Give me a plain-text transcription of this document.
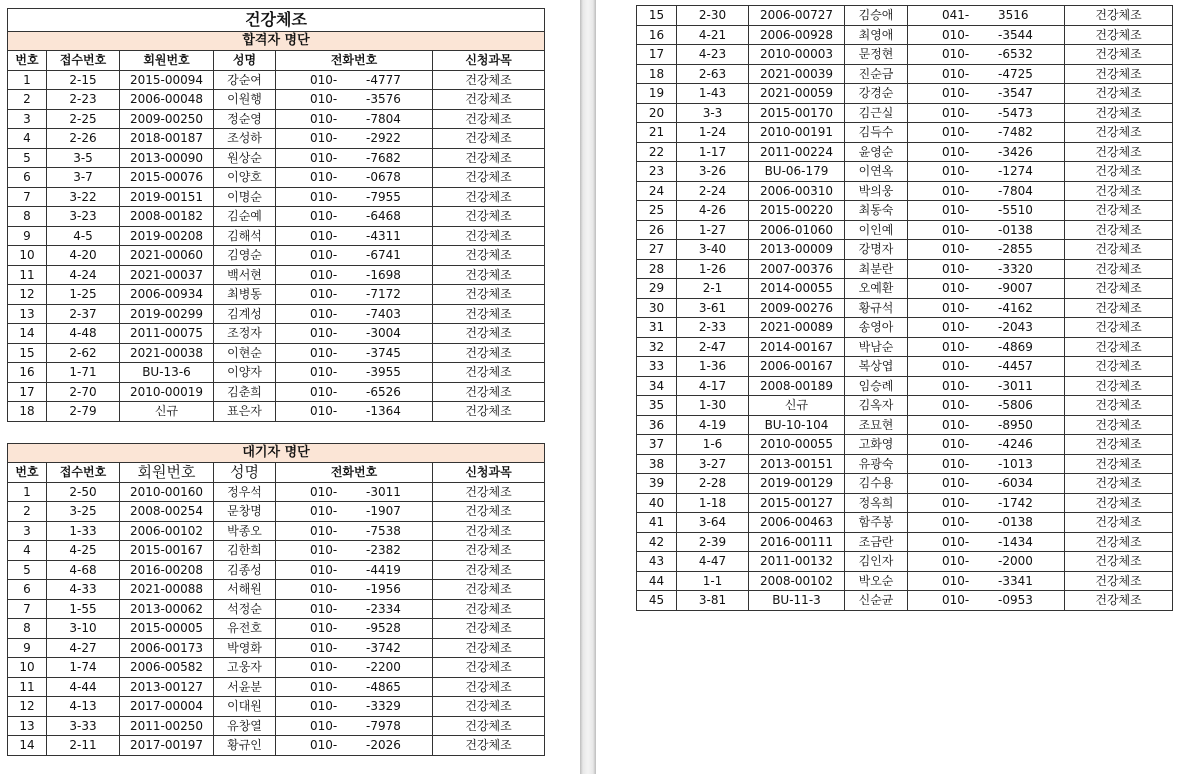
건강체조					
합격자 명단					
번호	접수번호	회원번호	성명	전화번호	신청과목
1	2-15	2015-00094	강순여	010- -4777	건강체조
2	2-23	2006-00048	이원행	010- -3576	건강체조
3	2-25	2009-00250	정순영	010- -7804	건강체조
4	2-26	2018-00187	조성하	010- -2922	건강체조
5	3-5	2013-00090	원상순	010- -7682	건강체조
6	3-7	2015-00076	이양호	010- -0678	건강체조
7	3-22	2019-00151	이명순	010- -7955	건강체조
8	3-23	2008-00182	김순예	010- -6468	건강체조
9	4-5	2019-00208	김해석	010- -4311	건강체조
10	4-20	2021-00060	김영순	010- -6741	건강체조
11	4-24	2021-00037	백서현	010- -1698	건강체조
12	1-25	2006-00934	최병동	010- -7172	건강체조
13	2-37	2019-00299	김계성	010- -7403	건강체조
14	4-48	2011-00075	조정자	010- -3004	건강체조
15	2-62	2021-00038	이현순	010- -3745	건강체조
16	1-71	BU-13-6	이양자	010- -3955	건강체조
17	2-70	2010-00019	김춘희	010- -6526	건강체조
18	2-79	신규	표은자	010- -1364	건강체조
대기자 명단					
번호	접수번호	회원번호	성명	전화번호	신청과목
1	2-50	2010-00160	정우석	010- -3011	건강체조
2	3-25	2008-00254	문창명	010- -1907	건강체조
3	1-33	2006-00102	박종오	010- -7538	건강체조
4	4-25	2015-00167	김한희	010- -2382	건강체조
5	4-68	2016-00208	김종성	010- -4419	건강체조
6	4-33	2021-00088	서해원	010- -1956	건강체조
7	1-55	2013-00062	석정순	010- -2334	건강체조
8	3-10	2015-00005	유전호	010- -9528	건강체조
9	4-27	2006-00173	박영화	010- -3742	건강체조
10	1-74	2006-00582	고웅자	010- -2200	건강체조
11	4-44	2013-00127	서윤분	010- -4865	건강체조
12	4-13	2017-00004	이대원	010- -3329	건강체조
13	3-33	2011-00250	유창열	010- -7978	건강체조
14	2-11	2017-00197	황규인	010- -2026	건강체조
15	2-30	2006-00727	김승애	041- 3516	건강체조
16	4-21	2006-00928	최영애	010- -3544	건강체조
17	4-23	2010-00003	문정현	010- -6532	건강체조
18	2-63	2021-00039	진순금	010- -4725	건강체조
19	1-43	2021-00059	강경순	010- -3547	건강체조
20	3-3	2015-00170	김근실	010- -5473	건강체조
21	1-24	2010-00191	김득수	010- -7482	건강체조
22	1-17	2011-00224	윤영순	010- -3426	건강체조
23	3-26	BU-06-179	이연옥	010- -1274	건강체조
24	2-24	2006-00310	박의웅	010- -7804	건강체조
25	4-26	2015-00220	최동숙	010- -5510	건강체조
26	1-27	2006-01060	이인예	010- -0138	건강체조
27	3-40	2013-00009	강명자	010- -2855	건강체조
28	1-26	2007-00376	최분란	010- -3320	건강체조
29	2-1	2014-00055	오예환	010- -9007	건강체조
30	3-61	2009-00276	황규석	010- -4162	건강체조
31	2-33	2021-00089	송영아	010- -2043	건강체조
32	2-47	2014-00167	박남순	010- -4869	건강체조
33	1-36	2006-00167	복상엽	010- -4457	건강체조
34	4-17	2008-00189	임승례	010- -3011	건강체조
35	1-30	신규	김옥자	010- -5806	건강체조
36	4-19	BU-10-104	조묘현	010- -8950	건강체조
37	1-6	2010-00055	고화영	010- -4246	건강체조
38	3-27	2013-00151	유광숙	010- -1013	건강체조
39	2-28	2019-00129	김수용	010- -6034	건강체조
40	1-18	2015-00127	정옥희	010- -1742	건강체조
41	3-64	2006-00463	함주봉	010- -0138	건강체조
42	2-39	2016-00111	조금란	010- -1434	건강체조
43	4-47	2011-00132	김인자	010- -2000	건강체조
44	1-1	2008-00102	박오순	010- -3341	건강체조
45	3-81	BU-11-3	신순균	010- -0953	건강체조
